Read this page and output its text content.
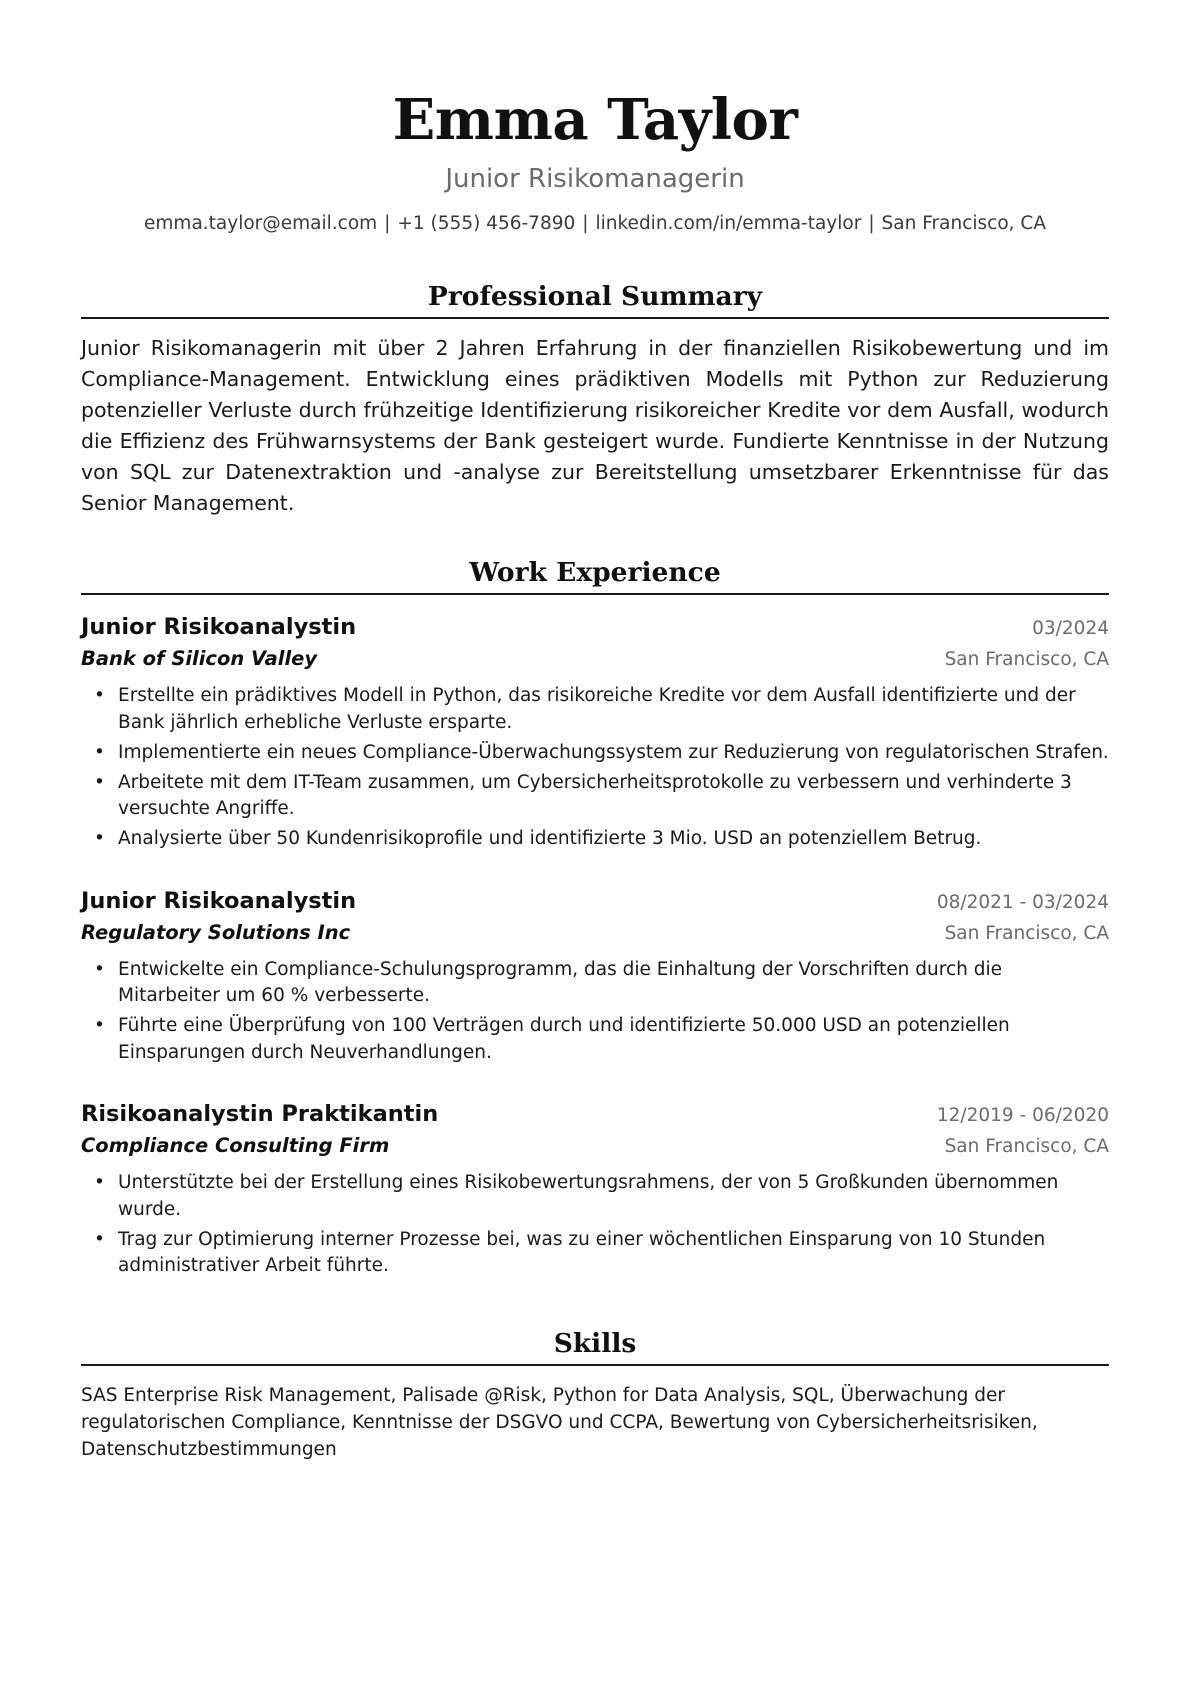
Emma Taylor
Junior Risikomanagerin
emma.taylor@email.com | +1 (555) 456-7890 | linkedin.com/in/emma-taylor | San Francisco, CA
Professional Summary
Junior Risikomanagerin mit über 2 Jahren Erfahrung in der finanziellen Risikobewertung und im Compliance-Management. Entwicklung eines prädiktiven Modells mit Python zur Reduzierung potenzieller Verluste durch frühzeitige Identifizierung risikoreicher Kredite vor dem Ausfall, wodurch die Effizienz des Frühwarnsystems der Bank gesteigert wurde. Fundierte Kenntnisse in der Nutzung von SQL zur Datenextraktion und -analyse zur Bereitstellung umsetzbarer Erkenntnisse für das Senior Management.
Work Experience
Junior Risikoanalystin	03/2024
Bank of Silicon Valley	San Francisco, CA
• Erstellte ein prädiktives Modell in Python, das risikoreiche Kredite vor dem Ausfall identifizierte und der Bank jährlich erhebliche Verluste ersparte.
• Implementierte ein neues Compliance-Überwachungssystem zur Reduzierung von regulatorischen Strafen.
• Arbeitete mit dem IT-Team zusammen, um Cybersicherheitsprotokolle zu verbessern und verhinderte 3 versuchte Angriffe.
• Analysierte über 50 Kundenrisikoprofile und identifizierte 3 Mio. USD an potenziellem Betrug.
Junior Risikoanalystin	08/2021 - 03/2024
Regulatory Solutions Inc	San Francisco, CA
• Entwickelte ein Compliance-Schulungsprogramm, das die Einhaltung der Vorschriften durch die Mitarbeiter um 60 % verbesserte.
• Führte eine Überprüfung von 100 Verträgen durch und identifizierte 50.000 USD an potenziellen Einsparungen durch Neuverhandlungen.
Risikoanalystin Praktikantin	12/2019 - 06/2020
Compliance Consulting Firm	San Francisco, CA
• Unterstützte bei der Erstellung eines Risikobewertungsrahmens, der von 5 Großkunden übernommen wurde.
• Trag zur Optimierung interner Prozesse bei, was zu einer wöchentlichen Einsparung von 10 Stunden administrativer Arbeit führte.
Skills
SAS Enterprise Risk Management, Palisade @Risk, Python for Data Analysis, SQL, Überwachung der regulatorischen Compliance, Kenntnisse der DSGVO und CCPA, Bewertung von Cybersicherheitsrisiken, Datenschutzbestimmungen
